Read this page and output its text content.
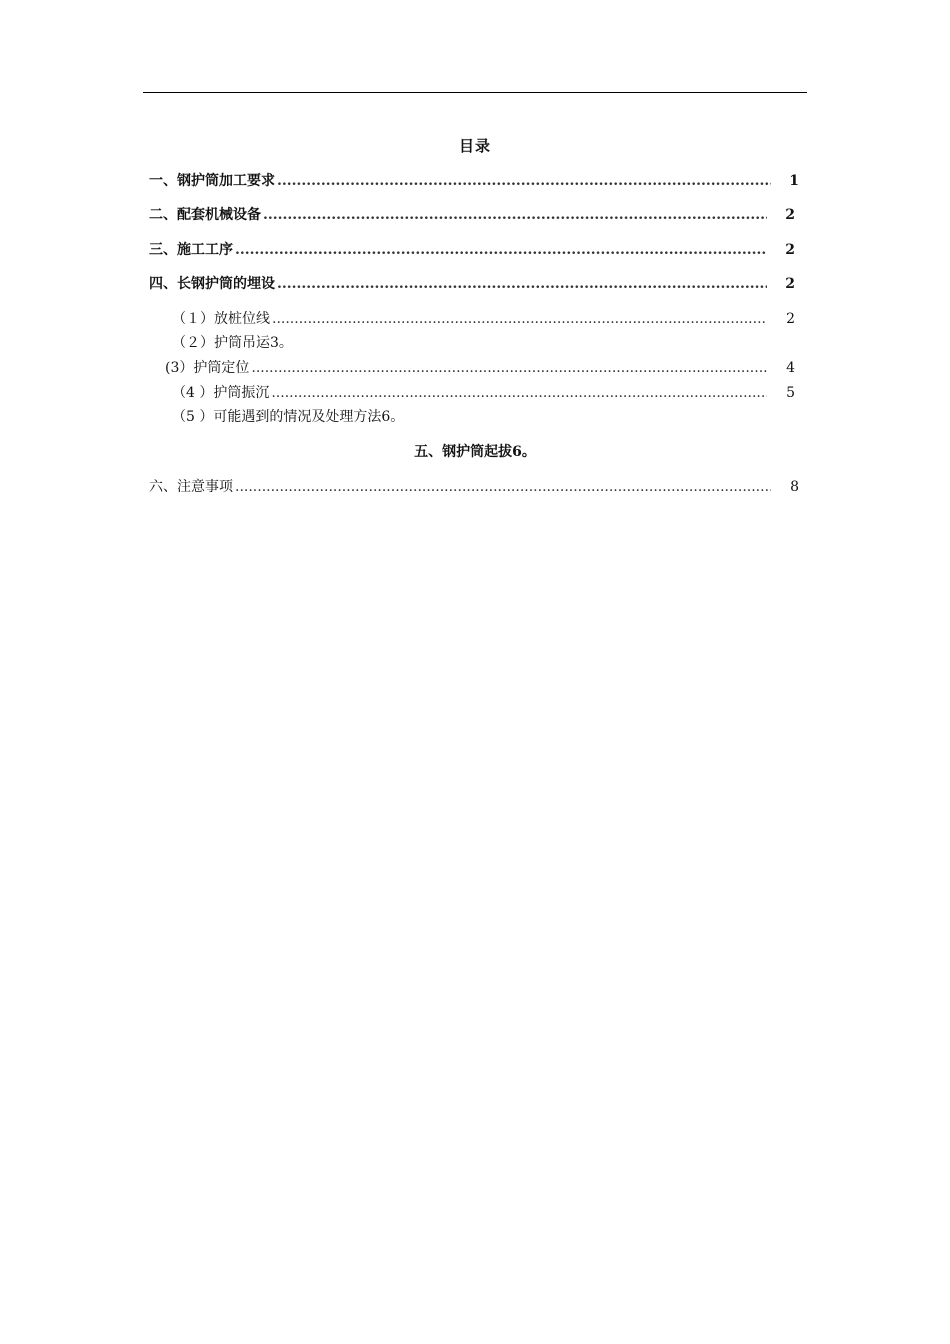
目录
一、钢护筒加工要求 .....	1
二、配套机械设备 .....	2
三、施工工序 .....	2
四、长钢护筒的埋设 .....	2
（１）放桩位线 .....	2
（２）护筒吊运3。
(3）护筒定位 .....	4
（4 ）护筒振沉 .....	5
（5 ）可能遇到的情况及处理方法6。
五、钢护筒起拔6。
六、注意事项 .....	8
